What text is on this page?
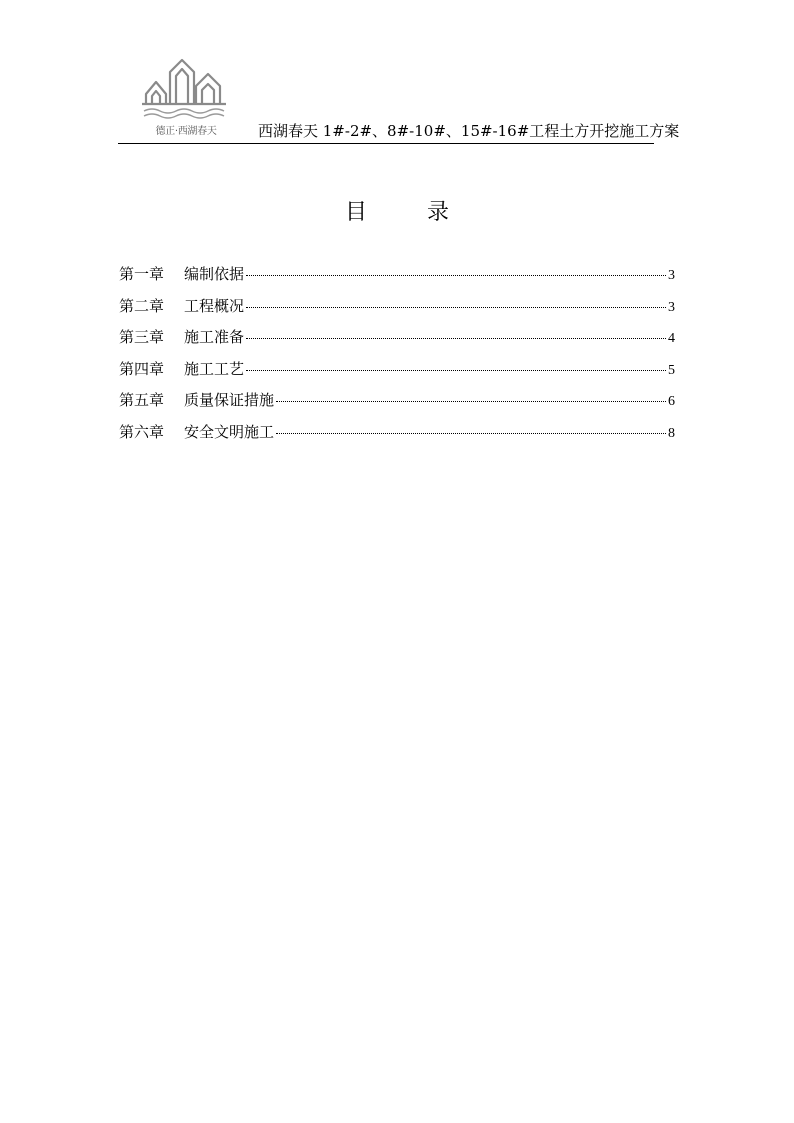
德正·西湖春天	西湖春天 1#-2#、8#-10#、15#-16#工程土方开挖施工方案
目	录
第一章	编制依据	3
第二章	工程概况	3
第三章	施工准备	4
第四章	施工工艺	5
第五章	质量保证措施	6
第六章	安全文明施工	8
